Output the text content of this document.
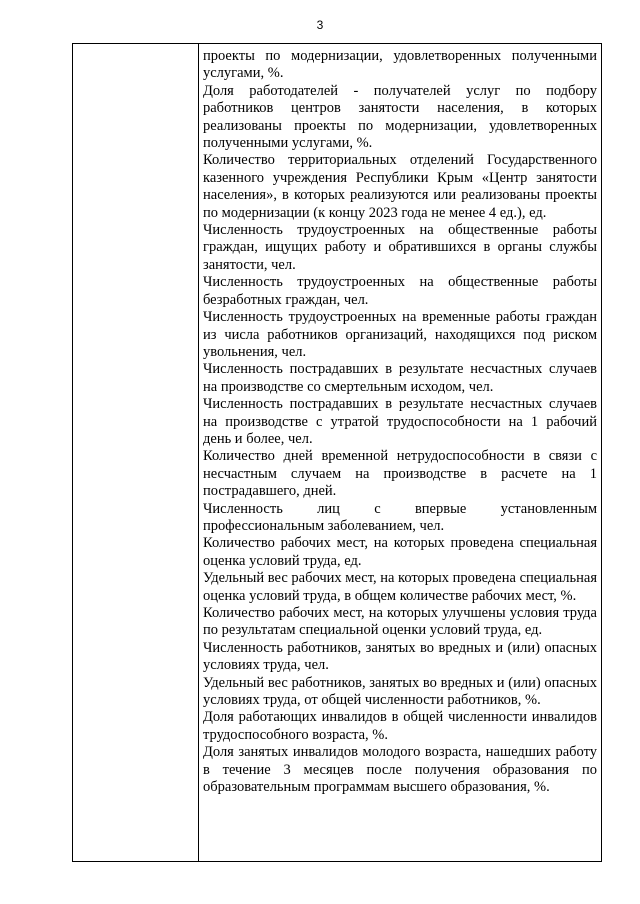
3

проекты по модернизации, удовлетворенных полученными услугами, %.

Доля работодателей - получателей услуг по подбору работников центров занятости населения, в которых реализованы проекты по модернизации, удовлетворенных полученными услугами, %.

Количество территориальных отделений Государственного казенного учреждения Республики Крым «Центр занятости населения», в которых реализуются или реализованы проекты по модернизации (к концу 2023 года не менее 4 ед.), ед.

Численность трудоустроенных на общественные работы граждан, ищущих работу и обратившихся в органы службы занятости, чел.

Численность трудоустроенных на общественные работы безработных граждан, чел.

Численность трудоустроенных на временные работы граждан из числа работников организаций, находящихся под риском увольнения, чел.

Численность пострадавших в результате несчастных случаев на производстве со смертельным исходом, чел.

Численность пострадавших в результате несчастных случаев на производстве с утратой трудоспособности на 1 рабочий день и более, чел.

Количество дней временной нетрудоспособности в связи с несчастным случаем на производстве в расчете на 1 пострадавшего, дней.

Численность лиц с впервые установленным профессиональным заболеванием, чел.

Количество рабочих мест, на которых проведена специальная оценка условий труда, ед.

Удельный вес рабочих мест, на которых проведена специальная оценка условий труда, в общем количестве рабочих мест, %.

Количество рабочих мест, на которых улучшены условия труда по результатам специальной оценки условий труда, ед.

Численность работников, занятых во вредных и (или) опасных условиях труда, чел.

Удельный вес работников, занятых во вредных и (или) опасных условиях труда, от общей численности работников, %.

Доля работающих инвалидов в общей численности инвалидов трудоспособного возраста, %.

Доля занятых инвалидов молодого возраста, нашедших работу в течение 3 месяцев после получения образования по образовательным программам высшего образования, %.
